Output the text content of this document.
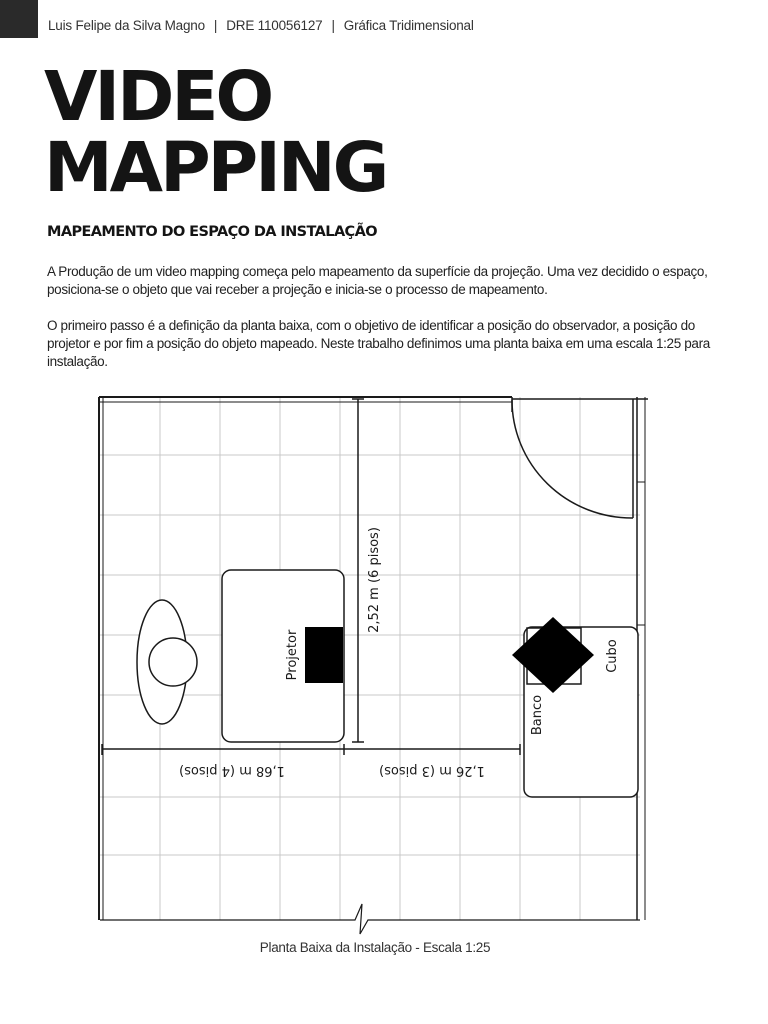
Luis Felipe da Silva Magno | DRE 110056127 | Gráfica Tridimensional
VIDEO
MAPPING
MAPEAMENTO DO ESPAÇO DA INSTALAÇÃO

A Produção de um video mapping começa pelo mapeamento da superfície da projeção. Uma vez decidido o espaço, posiciona-se o objeto que vai receber a projeção e inicia-se o processo de mapeamento.

O primeiro passo é a definição da planta baixa, com o objetivo de identificar a posição do observador, a posição do projetor e por fim a posição do objeto mapeado. Neste trabalho definimos uma planta baixa em uma escala 1:25 para instalação.

Projetor
2,52 m (6 pisos)
1,68 m (4 pisos)	1,26 m (3 pisos)
Banco
Cubo
Planta Baixa da Instalação - Escala 1:25
